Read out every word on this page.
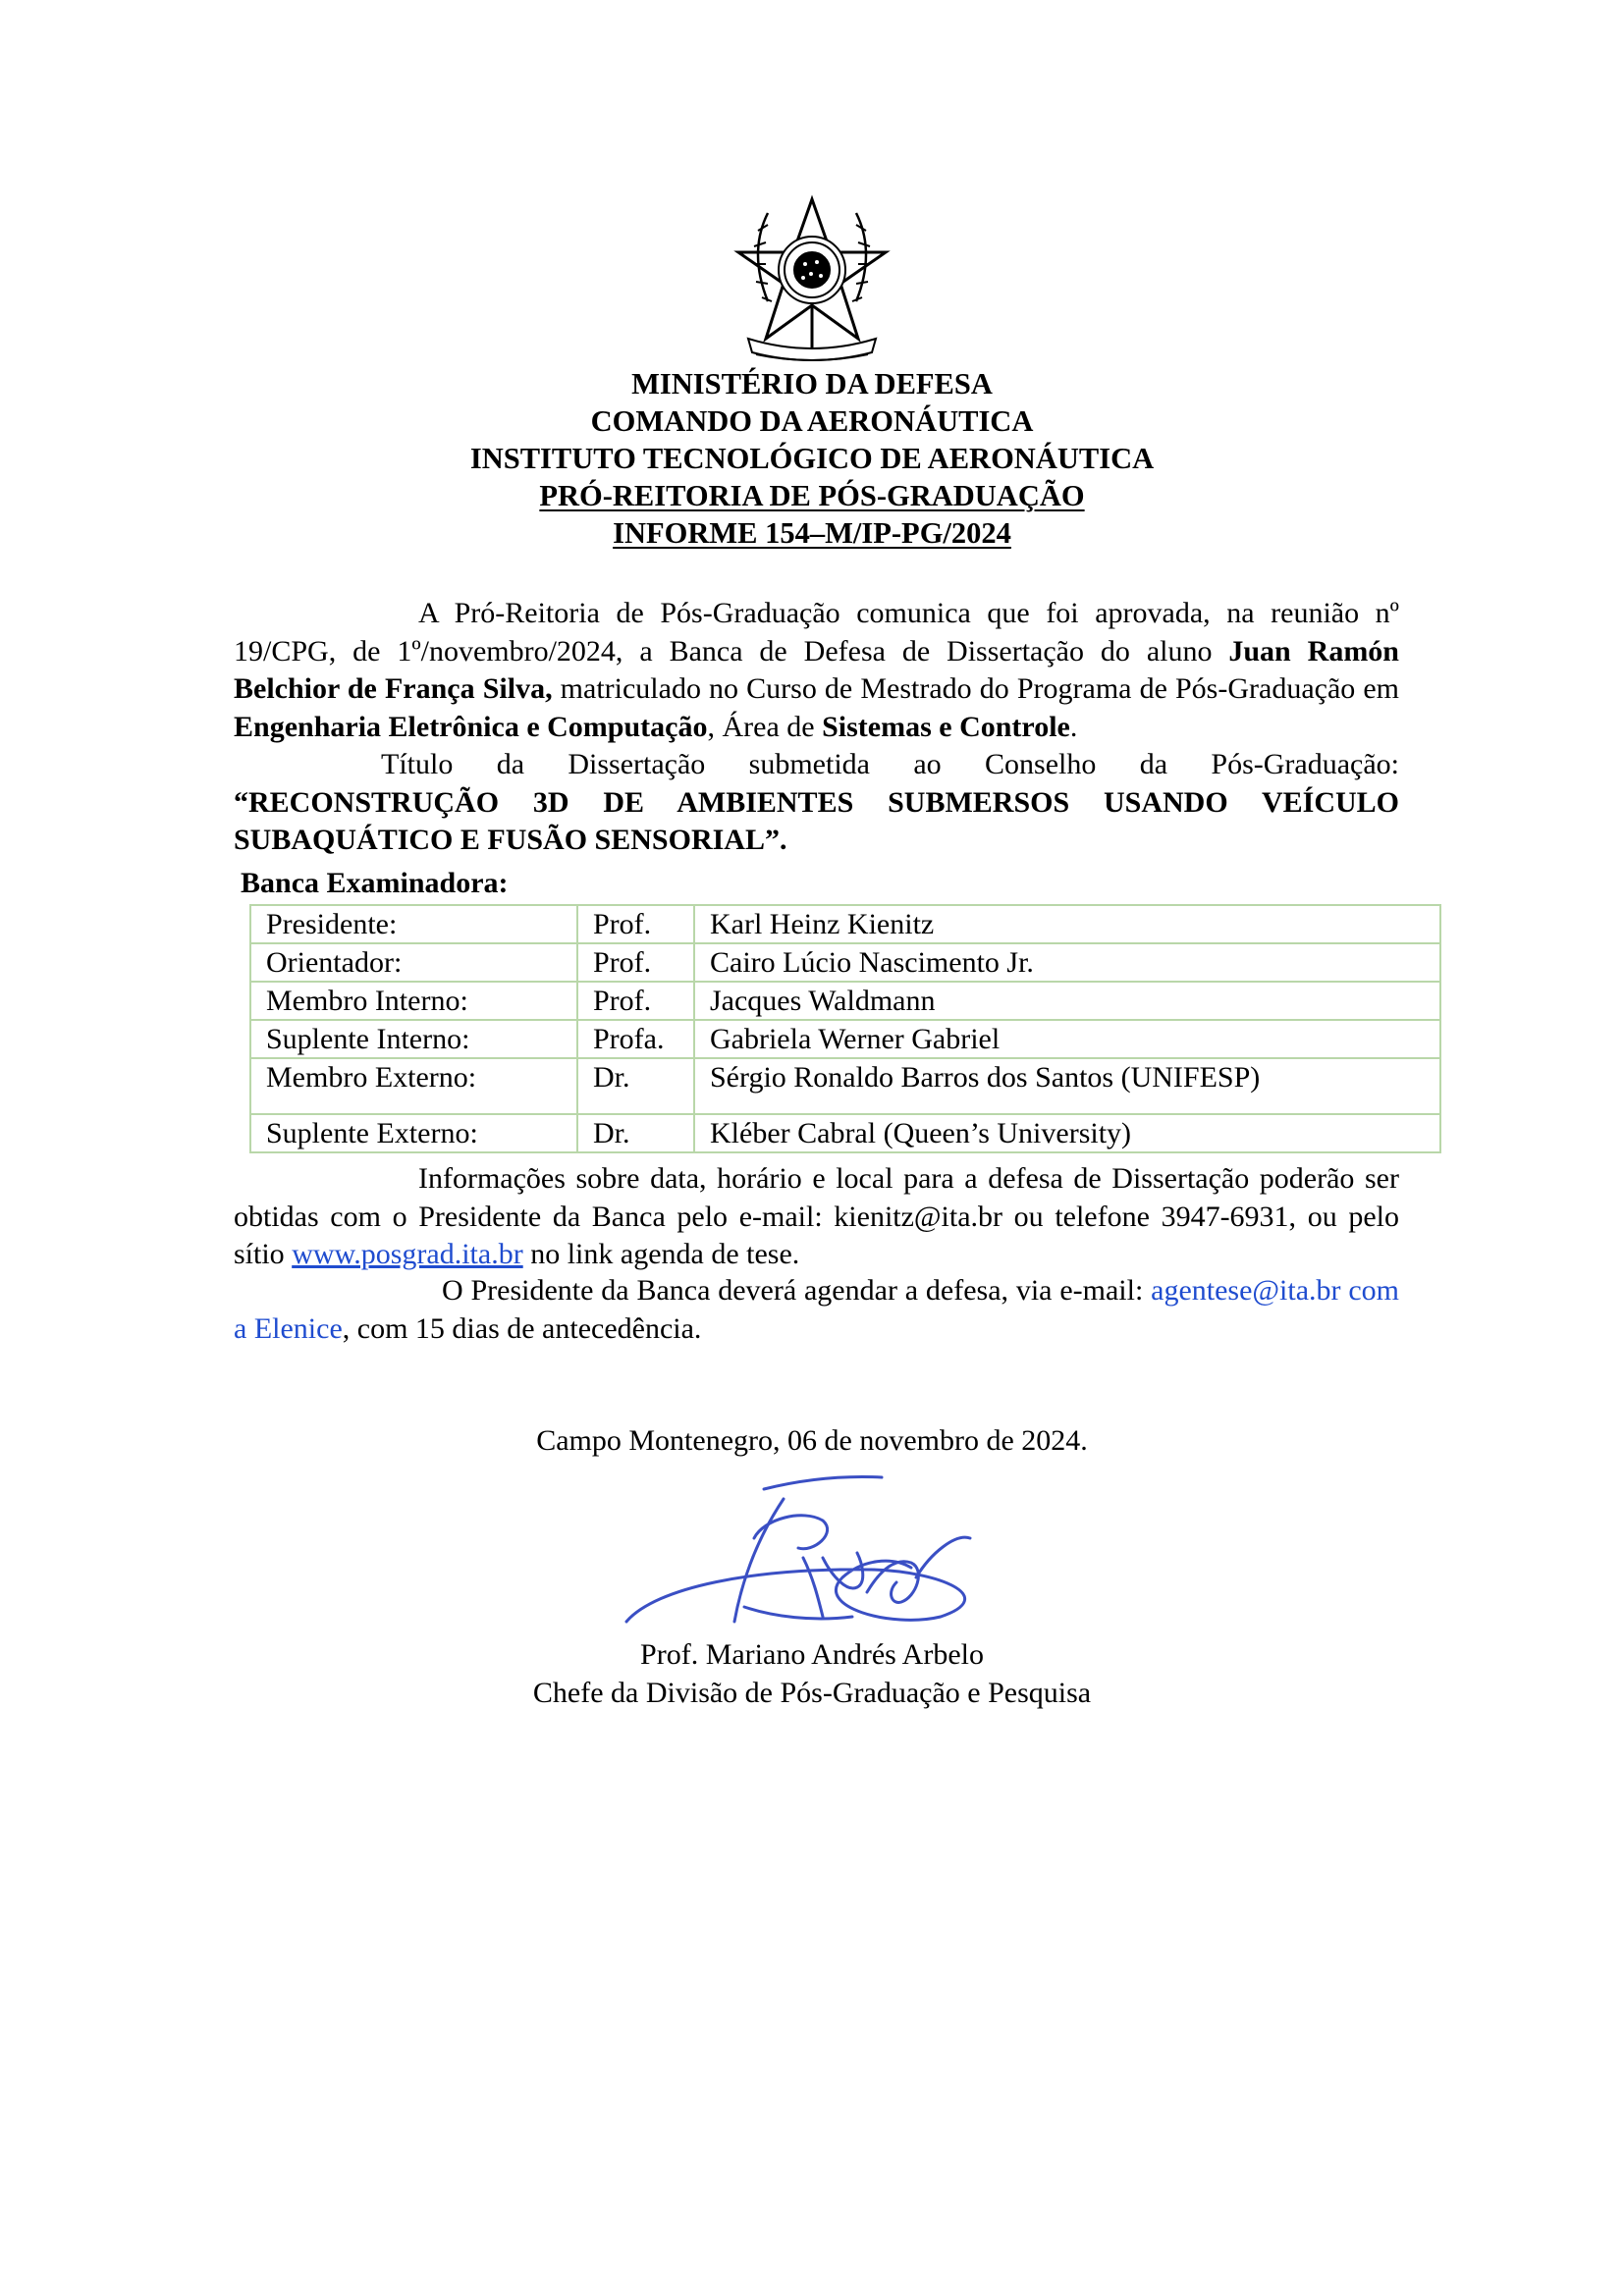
MINISTÉRIO DA DEFESA
COMANDO DA AERONÁUTICA
INSTITUTO TECNOLÓGICO DE AERONÁUTICA
PRÓ-REITORIA DE PÓS-GRADUAÇÃO
INFORME 154–M/IP-PG/2024

A Pró-Reitoria de Pós-Graduação comunica que foi aprovada, na reunião nº 19/CPG, de 1º/novembro/2024, a Banca de Defesa de Dissertação do aluno Juan Ramón Belchior de França Silva, matriculado no Curso de Mestrado do Programa de Pós-Graduação em Engenharia Eletrônica e Computação, Área de Sistemas e Controle.

Título da Dissertação submetida ao Conselho da Pós-Graduação:

“RECONSTRUÇÃO 3D DE AMBIENTES SUBMERSOS USANDO VEÍCULO

SUBAQUÁTICO E FUSÃO SENSORIAL”.

Banca Examinadora:
Presidente:	Prof.	Karl Heinz Kienitz
Orientador:	Prof.	Cairo Lúcio Nascimento Jr.
Membro Interno:	Prof.	Jacques Waldmann
Suplente Interno:	Profa.	Gabriela Werner Gabriel
Membro Externo:	Dr.	Sérgio Ronaldo Barros dos Santos (UNIFESP)
Suplente Externo:	Dr.	Kléber Cabral (Queen’s University)

Informações sobre data, horário e local para a defesa de Dissertação poderão ser obtidas com o Presidente da Banca pelo e-mail: kienitz@ita.br ou telefone 3947-6931, ou pelo sítio www.posgrad.ita.br no link agenda de tese.

O Presidente da Banca deverá agendar a defesa, via e-mail: agentese@ita.br com a Elenice, com 15 dias de antecedência.

Campo Montenegro, 06 de novembro de 2024.
Prof. Mariano Andrés Arbelo
Chefe da Divisão de Pós-Graduação e Pesquisa
